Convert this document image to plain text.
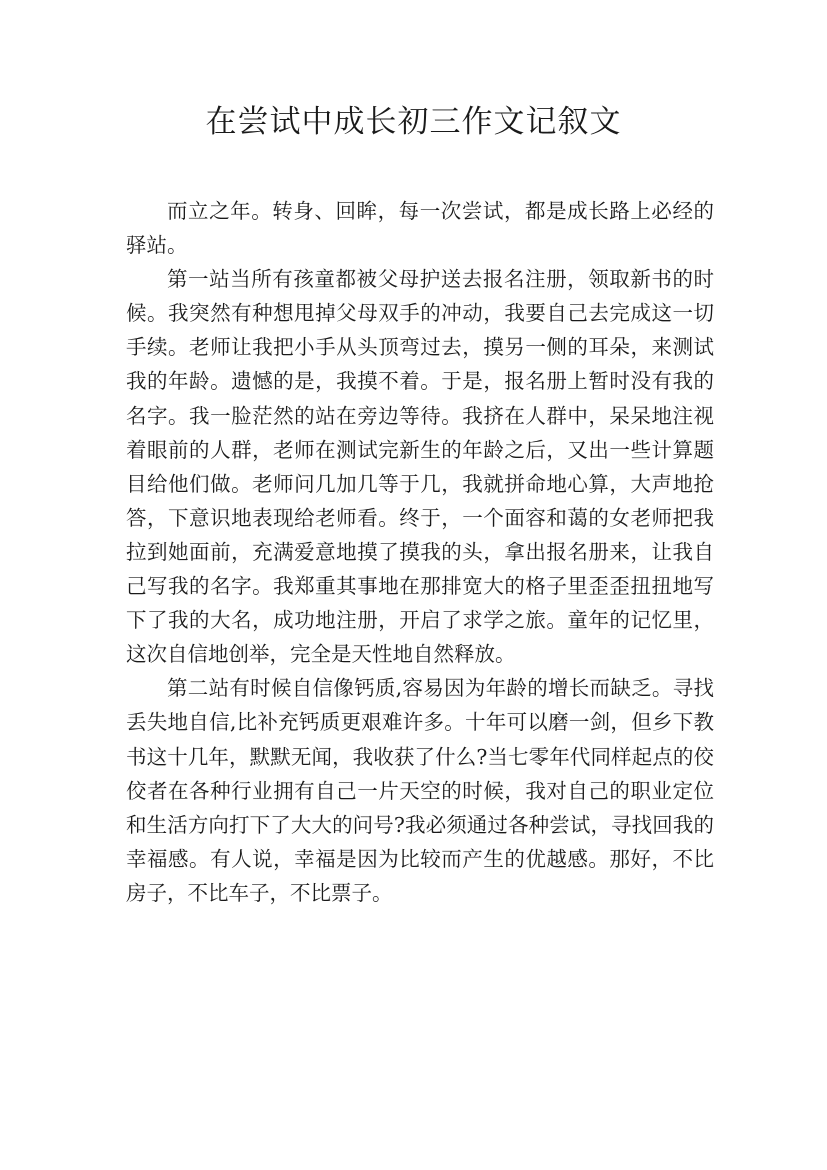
在尝试中成长初三作文记叙文

而立之年。转身、回眸，每一次尝试，都是成长路上必经的驿站。

第一站当所有孩童都被父母护送去报名注册，领取新书的时候。我突然有种想甩掉父母双手的冲动，我要自己去完成这一切手续。老师让我把小手从头顶弯过去，摸另一侧的耳朵，来测试我的年龄。遗憾的是，我摸不着。于是，报名册上暂时没有我的名字。我一脸茫然的站在旁边等待。我挤在人群中，呆呆地注视着眼前的人群，老师在测试完新生的年龄之后，又出一些计算题目给他们做。老师问几加几等于几，我就拼命地心算，大声地抢答，下意识地表现给老师看。终于，一个面容和蔼的女老师把我拉到她面前，充满爱意地摸了摸我的头，拿出报名册来，让我自己写我的名字。我郑重其事地在那排宽大的格子里歪歪扭扭地写下了我的大名，成功地注册，开启了求学之旅。童年的记忆里，这次自信地创举，完全是天性地自然释放。

第二站有时候自信像钙质,容易因为年龄的增长而缺乏。寻找丢失地自信,比补充钙质更艰难许多。十年可以磨一剑，但乡下教书这十几年，默默无闻，我收获了什么?当七零年代同样起点的佼佼者在各种行业拥有自己一片天空的时候，我对自己的职业定位和生活方向打下了大大的问号?我必须通过各种尝试，寻找回我的幸福感。有人说，幸福是因为比较而产生的优越感。那好，不比房子，不比车子，不比票子。
